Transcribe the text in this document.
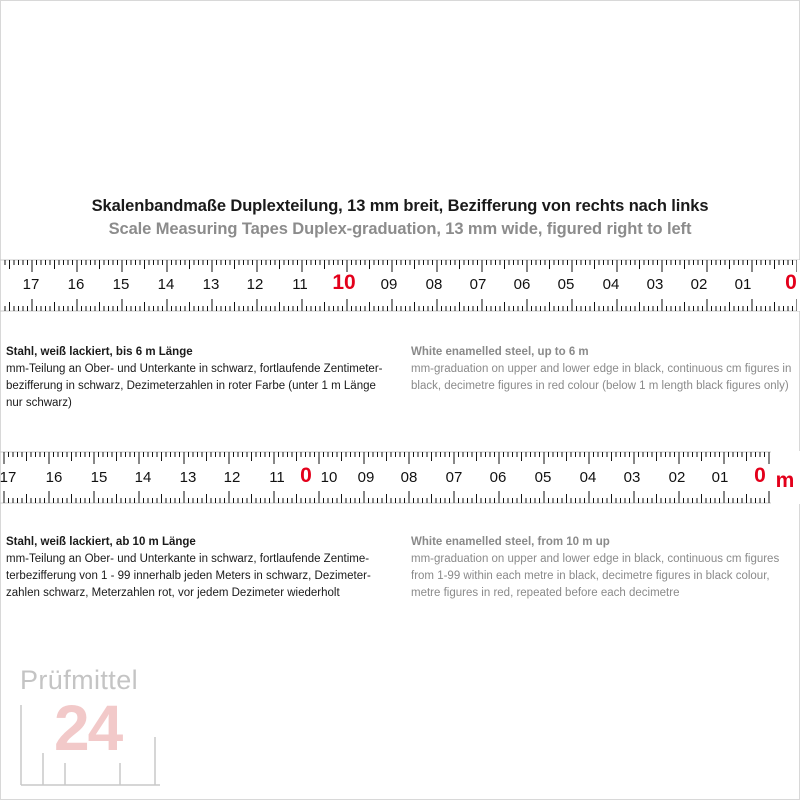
Skalenbandmaße Duplexteilung, 13 mm breit, Bezifferung von rechts nach links
Scale Measuring Tapes Duplex-graduation, 13 mm wide, figured right to left
17 16 15 14 13 12 11 10 09 08 07 06 05 04 03 02 01 0
Stahl, weiß lackiert, bis 6 m Länge
mm-Teilung an Ober- und Unterkante in schwarz, fortlaufende Zentimeter-
bezifferung in schwarz, Dezimeterzahlen in roter Farbe (unter 1 m Länge
nur schwarz)
White enamelled steel, up to 6 m
mm-graduation on upper and lower edge in black, continuous cm figures in
black, decimetre figures in red colour (below 1 m length black figures only)
17 16 15 14 13 12 11 0 10 09 08 07 06 05 04 03 02 01 0 m
Stahl, weiß lackiert, ab 10 m Länge
mm-Teilung an Ober- und Unterkante in schwarz, fortlaufende Zentime-
terbezifferung von 1 - 99 innerhalb jeden Meters in schwarz, Dezimeter-
zahlen schwarz, Meterzahlen rot, vor jedem Dezimeter wiederholt
White enamelled steel, from 10 m up
mm-graduation on upper and lower edge in black, continuous cm figures
from 1-99 within each metre in black, decimetre figures in black colour,
metre figures in red, repeated before each decimetre
Prüfmittel
24
